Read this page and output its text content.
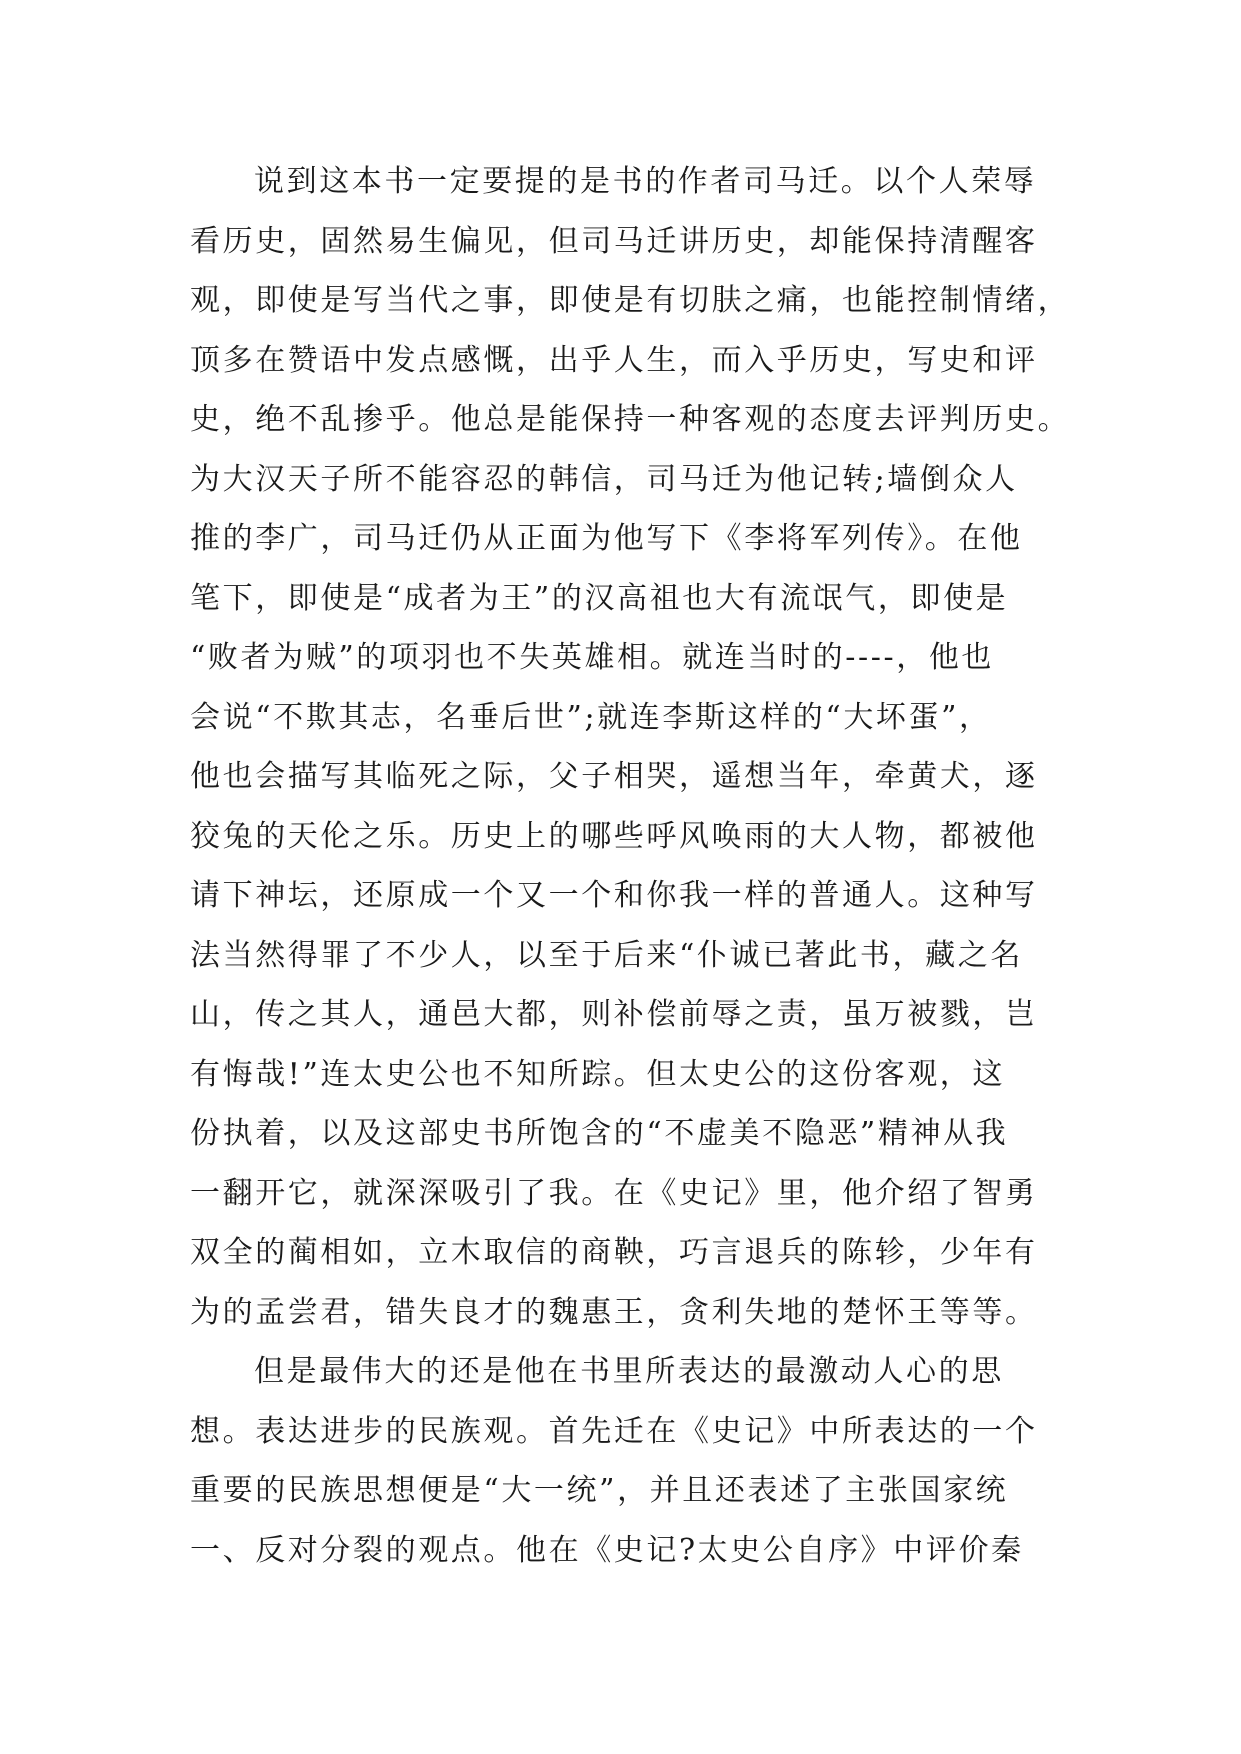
说到这本书一定要提的是书的作者司马迁。以个人荣辱
看历史，固然易生偏见，但司马迁讲历史，却能保持清醒客
观，即使是写当代之事，即使是有切肤之痛，也能控制情绪，
顶多在赞语中发点感慨，出乎人生，而入乎历史，写史和评
史，绝不乱掺乎。他总是能保持一种客观的态度去评判历史。
为大汉天子所不能容忍的韩信，司马迁为他记转;墙倒众人
推的李广，司马迁仍从正面为他写下《李将军列传》。在他
笔下，即使是“成者为王”的汉高祖也大有流氓气，即使是
“败者为贼”的项羽也不失英雄相。就连当时的----，他也
会说“不欺其志，名垂后世”;就连李斯这样的“大坏蛋”，
他也会描写其临死之际，父子相哭，遥想当年，牵黄犬，逐
狡兔的天伦之乐。历史上的哪些呼风唤雨的大人物，都被他
请下神坛，还原成一个又一个和你我一样的普通人。这种写
法当然得罪了不少人，以至于后来“仆诚已著此书，藏之名
山，传之其人，通邑大都，则补偿前辱之责，虽万被戮，岂
有悔哉!”连太史公也不知所踪。但太史公的这份客观，这
份执着，以及这部史书所饱含的“不虚美不隐恶”精神从我
一翻开它，就深深吸引了我。在《史记》里，他介绍了智勇
双全的蔺相如，立木取信的商鞅，巧言退兵的陈轸，少年有
为的孟尝君，错失良才的魏惠王，贪利失地的楚怀王等等。
但是最伟大的还是他在书里所表达的最激动人心的思
想。表达进步的民族观。首先迁在《史记》中所表达的一个
重要的民族思想便是“大一统”，并且还表述了主张国家统
一、反对分裂的观点。他在《史记?太史公自序》中评价秦
